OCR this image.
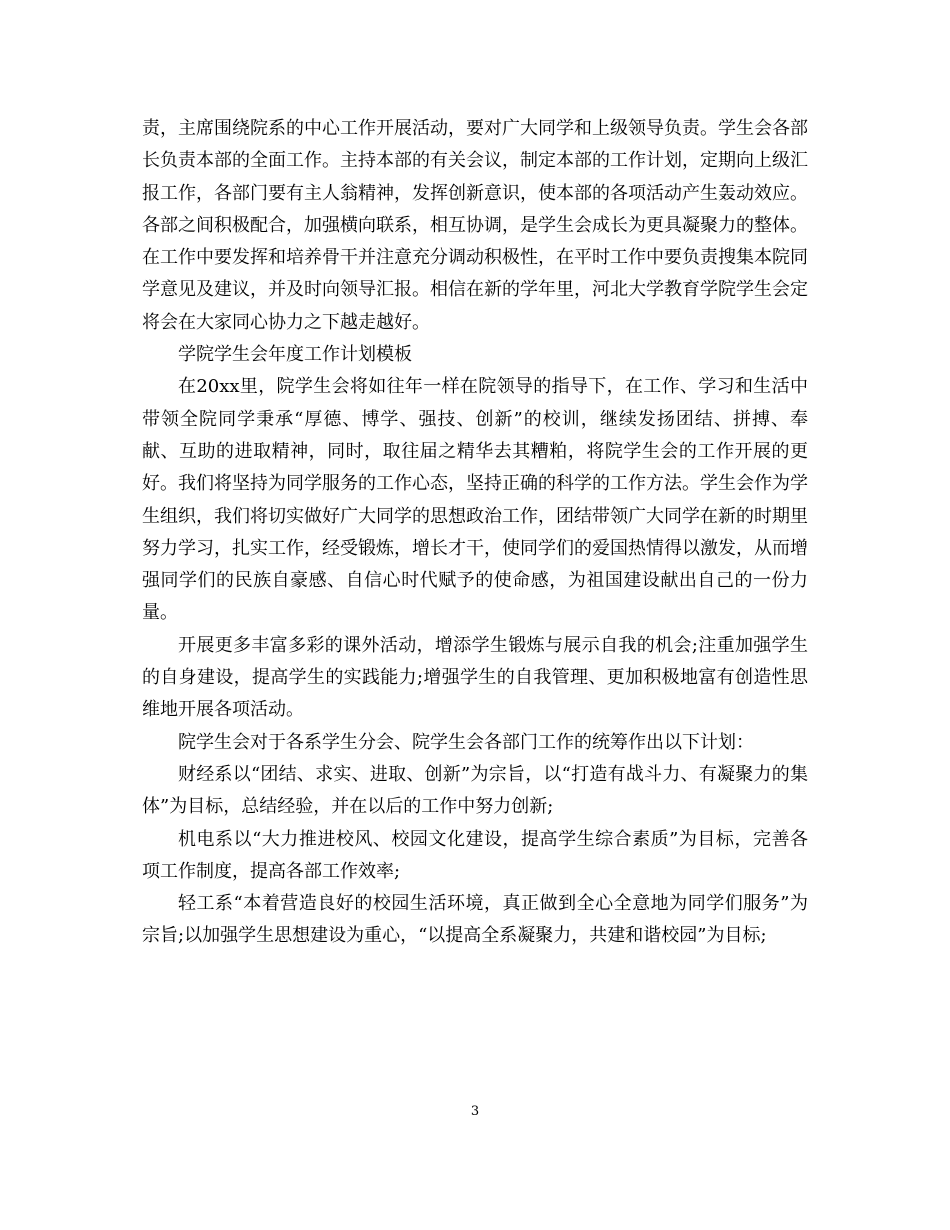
责，主席围绕院系的中心工作开展活动，要对广大同学和上级领导负责。学生会各部长负责本部的全面工作。主持本部的有关会议，制定本部的工作计划，定期向上级汇报工作，各部门要有主人翁精神，发挥创新意识，使本部的各项活动产生轰动效应。各部之间积极配合，加强横向联系，相互协调，是学生会成长为更具凝聚力的整体。在工作中要发挥和培养骨干并注意充分调动积极性，在平时工作中要负责搜集本院同学意见及建议，并及时向领导汇报。相信在新的学年里，河北大学教育学院学生会定将会在大家同心协力之下越走越好。

学院学生会年度工作计划模板

在20xx里，院学生会将如往年一样在院领导的指导下，在工作、学习和生活中带领全院同学秉承“厚德、博学、强技、创新”的校训，继续发扬团结、拼搏、奉献、互助的进取精神，同时，取往届之精华去其糟粕，将院学生会的工作开展的更好。我们将坚持为同学服务的工作心态，坚持正确的科学的工作方法。学生会作为学生组织，我们将切实做好广大同学的思想政治工作，团结带领广大同学在新的时期里努力学习，扎实工作，经受锻炼，增长才干，使同学们的爱国热情得以激发，从而增强同学们的民族自豪感、自信心时代赋予的使命感，为祖国建设献出自己的一份力量。

开展更多丰富多彩的课外活动，增添学生锻炼与展示自我的机会;注重加强学生的自身建设，提高学生的实践能力;增强学生的自我管理、更加积极地富有创造性思维地开展各项活动。

院学生会对于各系学生分会、院学生会各部门工作的统筹作出以下计划：

财经系以“团结、求实、进取、创新”为宗旨，以“打造有战斗力、有凝聚力的集体”为目标，总结经验，并在以后的工作中努力创新;

机电系以“大力推进校风、校园文化建设，提高学生综合素质”为目标，完善各项工作制度，提高各部工作效率;

轻工系“本着营造良好的校园生活环境，真正做到全心全意地为同学们服务”为宗旨;以加强学生思想建设为重心，“以提高全系凝聚力，共建和谐校园”为目标;

3
